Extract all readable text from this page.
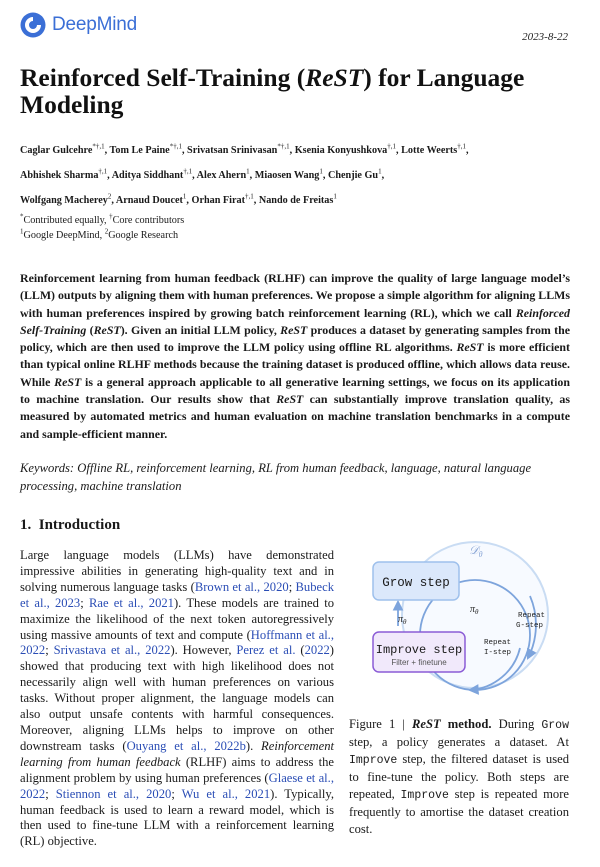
DeepMind
2023-8-22
Reinforced Self-Training (ReST) for Language Modeling
Caglar Gulcehre$^{*\dagger,1}$, Tom Le Paine$^{*\dagger,1}$, Srivatsan Srinivasan$^{*\dagger,1}$, Ksenia Konyushkova$^{\dagger,1}$, Lotte Weerts$^{\dagger,1}$,
Abhishek Sharma$^{\dagger,1}$, Aditya Siddhant$^{\dagger,1}$, Alex Ahern$^1$, Miaosen Wang$^1$, Chenjie Gu$^1$,
Wolfgang Macherey$^2$, Arnaud Doucet$^1$, Orhan Firat$^{\dagger,1}$, Nando de Freitas$^1$
*Contributed equally, †Core contributors
$^1$Google DeepMind, $^2$Google Research
Reinforcement learning from human feedback (RLHF) can improve the quality of large language model’s (LLM) outputs by aligning them with human preferences. We propose a simple algorithm for aligning LLMs with human preferences inspired by growing batch reinforcement learning (RL), which we call Reinforced Self-Training (ReST). Given an initial LLM policy, ReST produces a dataset by generating samples from the policy, which are then used to improve the LLM policy using offline RL algorithms. ReST is more efficient than typical online RLHF methods because the training dataset is produced offline, which allows data reuse. While ReST is a general approach applicable to all generative learning settings, we focus on its application to machine translation. Our results show that ReST can substantially improve translation quality, as measured by automated metrics and human evaluation on machine translation benchmarks in a compute and sample-efficient manner.
Keywords: Offline RL, reinforcement learning, RL from human feedback, language, natural language processing, machine translation
1. Introduction
Large language models (LLMs) have demonstrated impressive abilities in generating high-quality text and in solving numerous language tasks (Brown et al., 2020; Bubeck et al., 2023; Rae et al., 2021). These models are trained to maximize the likelihood of the next token autoregressively using massive amounts of text and compute (Hoffmann et al., 2022; Srivastava et al., 2022). However, Perez et al. (2022) showed that producing text with high likelihood does not necessarily align well with human preferences on various tasks. Without proper alignment, the language models can also output unsafe contents with harmful consequences. Moreover, aligning LLMs helps to improve on other downstream tasks (Ouyang et al., 2022b). Reinforcement learning from human feedback (RLHF) aims to address the alignment problem by using human preferences (Glaese et al., 2022; Stiennon et al., 2020; Wu et al., 2021). Typically, human feedback is used to learn a reward model, which is then used to fine-tune LLM with a reinforcement learning (RL) objective.
𝒟$_\theta$
Grow step
$\pi_\theta$
$\pi_\theta$	Repeat G-step
Repeat I-step
Improve step
Filter + finetune
Figure 1 | ReST method. During Grow step, a policy generates a dataset. At Improve step, the filtered dataset is used to fine-tune the policy. Both steps are repeated, Improve step is repeated more frequently to amortise the dataset creation cost.
